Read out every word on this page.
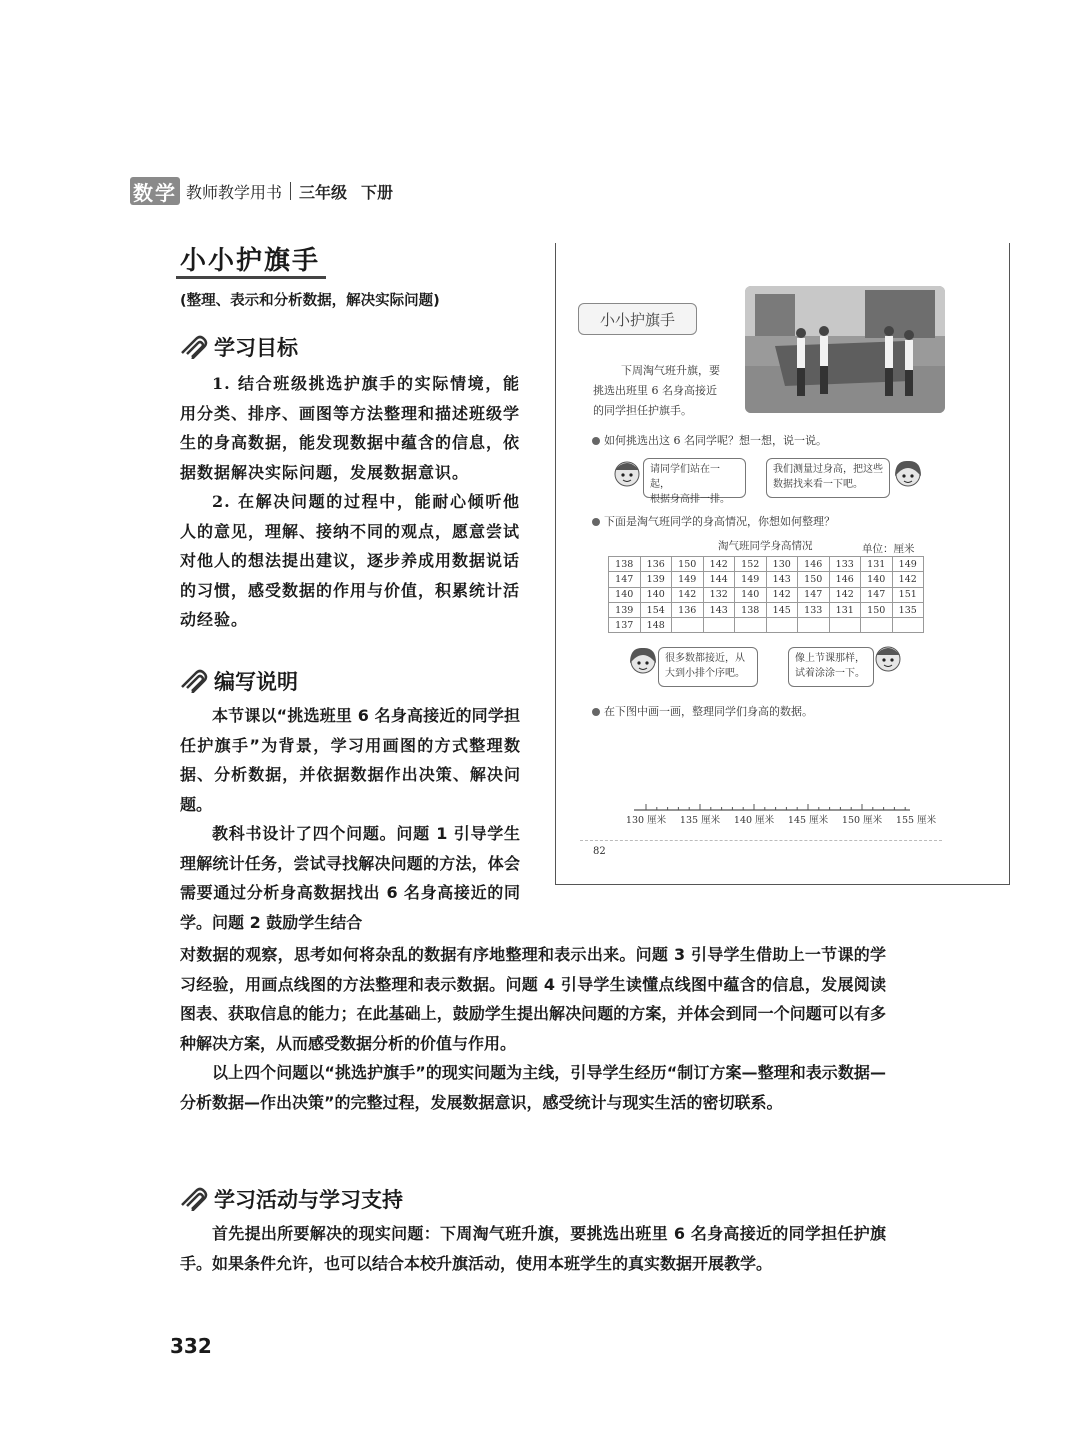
数学 教师教学用书 三年级 下册
小小护旗手
(整理、表示和分析数据，解决实际问题)
学习目标

1. 结合班级挑选护旗手的实际情境，能用分类、排序、画图等方法整理和描述班级学生的身高数据，能发现数据中蕴含的信息，依据数据解决实际问题，发展数据意识。

2. 在解决问题的过程中，能耐心倾听他人的意见，理解、接纳不同的观点，愿意尝试对他人的想法提出建议，逐步养成用数据说话的习惯，感受数据的作用与价值，积累统计活动经验。

编写说明

本节课以“挑选班里 6 名身高接近的同学担任护旗手”为背景，学习用画图的方式整理数据、分析数据，并依据数据作出决策、解决问题。

教科书设计了四个问题。问题 1 引导学生理解统计任务，尝试寻找解决问题的方法，体会需要通过分析身高数据找出 6 名身高接近的同学。问题 2 鼓励学生结合

对数据的观察，思考如何将杂乱的数据有序地整理和表示出来。问题 3 引导学生借助上一节课的学习经验，用画点线图的方法整理和表示数据。问题 4 引导学生读懂点线图中蕴含的信息，发展阅读图表、获取信息的能力；在此基础上，鼓励学生提出解决问题的方案，并体会到同一个问题可以有多种解决方案，从而感受数据分析的价值与作用。

以上四个问题以“挑选护旗手”的现实问题为主线，引导学生经历“制订方案—整理和表示数据—分析数据—作出决策”的完整过程，发展数据意识，感受统计与现实生活的密切联系。

学习活动与学习支持

首先提出所要解决的现实问题：下周淘气班升旗，要挑选出班里 6 名身高接近的同学担任护旗手。如果条件允许，也可以结合本校升旗活动，使用本班学生的真实数据开展教学。

小小护旗手
下周淘气班升旗，要
挑选出班里 6 名身高接近
的同学担任护旗手。
如何挑选出这 6 名同学呢？想一想，说一说。
请同学们站在一起，
根据身高排一排。
我们测量过身高，把这些
数据找来看一下吧。
下面是淘气班同学的身高情况，你想如何整理？
淘气班同学身高情况	单位：厘米
138	136	150	142	152	130	146	133	131	149
147	139	149	144	149	143	150	146	140	142
140	140	142	132	140	142	147	142	147	151
139	154	136	143	138	145	133	131	150	135
137	148								
很多数都接近，从
大到小排个序吧。
像上节课那样，
试着涂涂一下。
在下图中画一画，整理同学们身高的数据。
130 厘米	135 厘米	140 厘米	145 厘米	150 厘米	155 厘米
82
332
